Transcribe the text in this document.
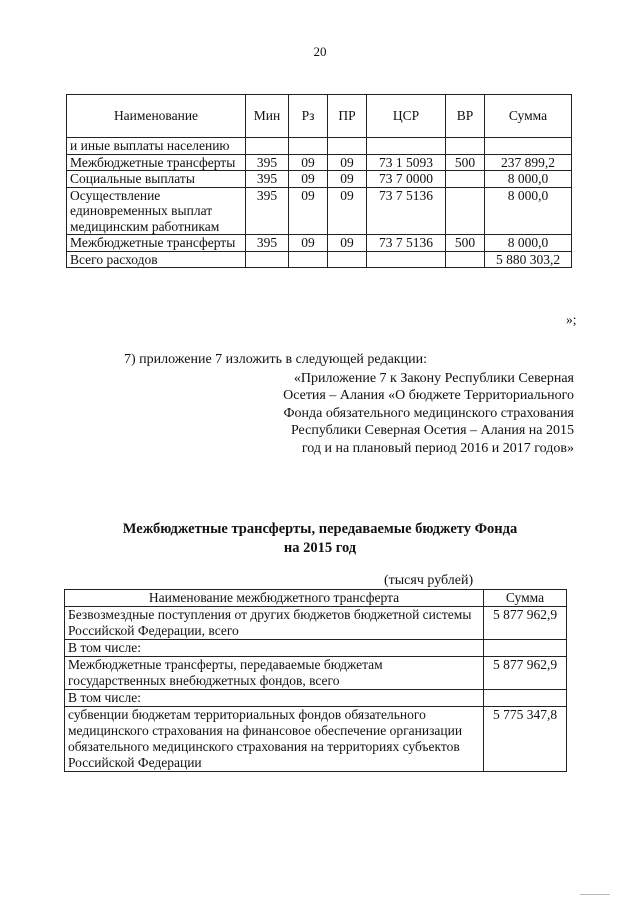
20
Наименование	Мин	Рз	ПР	ЦСР	ВР	Сумма
и иные выплаты населению						
Межбюджетные трансферты	395	09	09	73 1 5093	500	237 899,2
Социальные выплаты	395	09	09	73 7 0000		8 000,0
Осуществление единовременных выплат медицинским работникам	395	09	09	73 7 5136		8 000,0
Межбюджетные трансферты	395	09	09	73 7 5136	500	8 000,0
Всего расходов						5 880 303,2
»;
7) приложение 7 изложить в следующей редакции:
«Приложение 7 к Закону Республики Северная Осетия – Алания «О бюджете Территориального Фонда обязательного медицинского страхования Республики Северная Осетия – Алания на 2015 год и на плановый период 2016 и 2017 годов»
Межбюджетные трансферты, передаваемые бюджету Фонда
на 2015 год
(тысяч рублей)
Наименование межбюджетного трансферта	Сумма
Безвозмездные поступления от других бюджетов бюджетной системы Российской Федерации, всего	5 877 962,9
В том числе:	
Межбюджетные трансферты, передаваемые бюджетам государственных внебюджетных фондов, всего	5 877 962,9
В том числе:	
субвенции бюджетам территориальных фондов обязательного медицинского страхования на финансовое обеспечение организации обязательного медицинского страхования на территориях субъектов Российской Федерации	5 775 347,8
